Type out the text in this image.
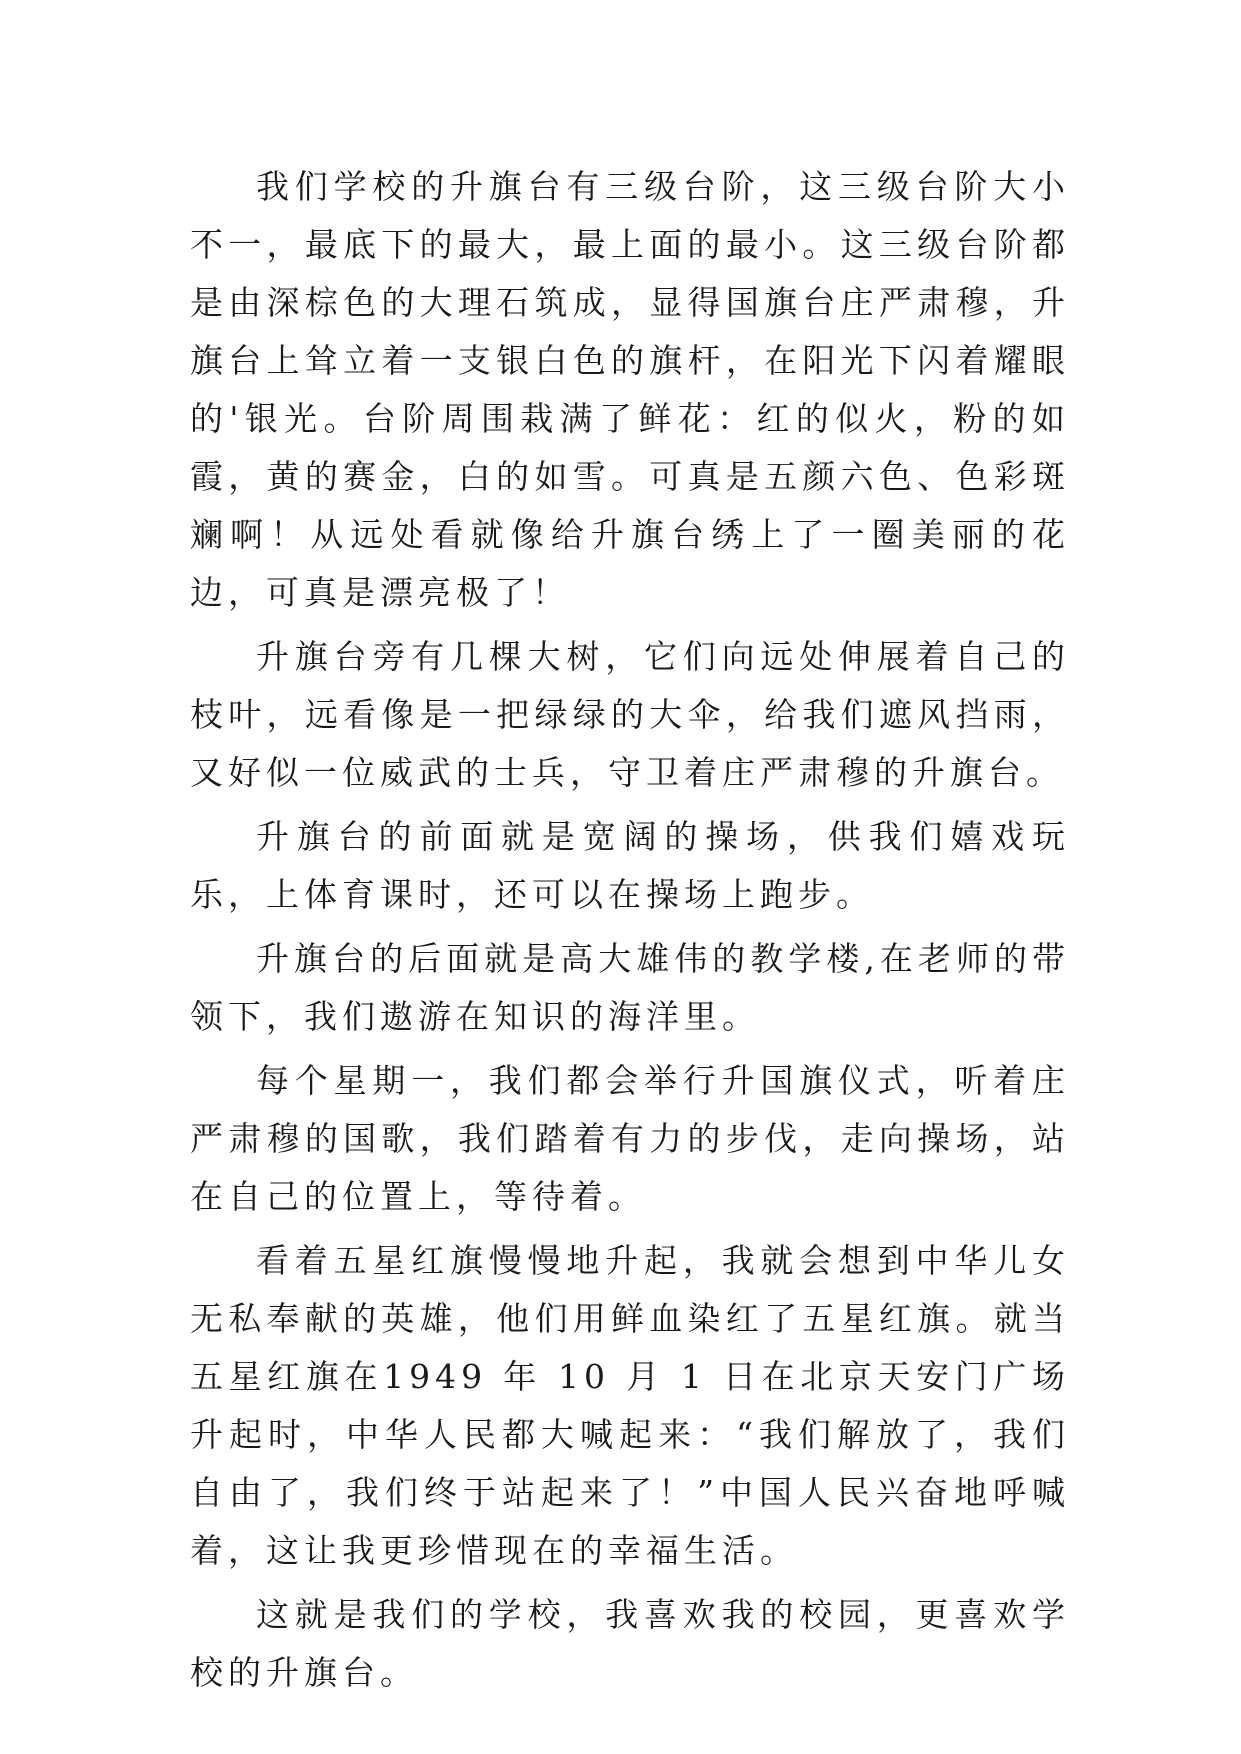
我们学校的升旗台有三级台阶，这三级台阶大小不一，最底下的最大，最上面的最小。这三级台阶都是由深棕色的大理石筑成，显得国旗台庄严肃穆，升旗台上耸立着一支银白色的旗杆，在阳光下闪着耀眼的'银光。台阶周围栽满了鲜花：红的似火，粉的如霞，黄的赛金，白的如雪。可真是五颜六色、色彩斑斓啊！从远处看就像给升旗台绣上了一圈美丽的花边，可真是漂亮极了！

升旗台旁有几棵大树，它们向远处伸展着自己的枝叶，远看像是一把绿绿的大伞，给我们遮风挡雨，又好似一位威武的士兵，守卫着庄严肃穆的升旗台。

升旗台的前面就是宽阔的操场，供我们嬉戏玩乐，上体育课时，还可以在操场上跑步。

升旗台的后面就是高大雄伟的教学楼,在老师的带领下，我们遨游在知识的海洋里。

每个星期一，我们都会举行升国旗仪式，听着庄严肃穆的国歌，我们踏着有力的步伐，走向操场，站在自己的位置上，等待着。

看着五星红旗慢慢地升起，我就会想到中华儿女无私奉献的英雄，他们用鲜血染红了五星红旗。就当五星红旗在1949 年 10 月 1 日在北京天安门广场升起时，中华人民都大喊起来：“我们解放了，我们自由了，我们终于站起来了！”中国人民兴奋地呼喊着，这让我更珍惜现在的幸福生活。

这就是我们的学校，我喜欢我的校园，更喜欢学校的升旗台。
